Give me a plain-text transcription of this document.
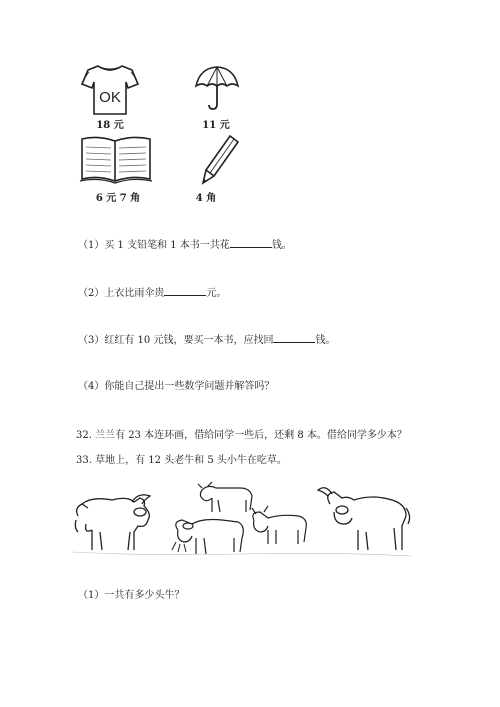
OK
18 元	11 元
6 元 7 角	4 角
（1）买 1 支铅笔和 1 本书一共花	钱。
（2）上衣比雨伞贵	元。
（3）红红有 10 元钱，要买一本书，应找回	钱。
（4）你能自己提出一些数学问题并解答吗？
32. 兰兰有 23 本连环画，借给同学一些后，还剩 8 本。借给同学多少本？
33. 草地上，有 12 头老牛和 5 头小牛在吃草。
（1）一共有多少头牛？
